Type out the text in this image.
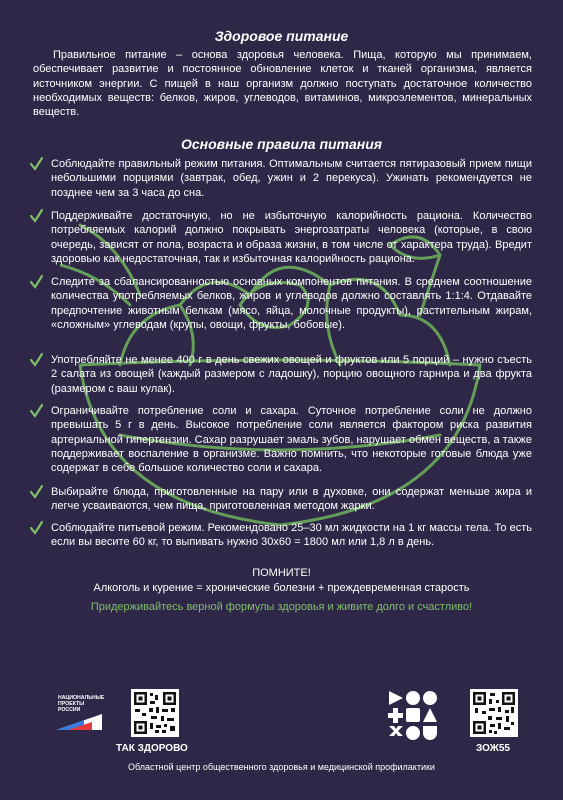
Здоровое питание

Правильное питание – основа здоровья человека. Пища, которую мы принимаем, обеспечивает развитие и постоянное обновление клеток и тканей организма, является источником энергии. С пищей в наш организм должно поступать достаточное количество необходимых веществ: белков, жиров, углеводов, витаминов, микроэлементов, минеральных веществ.

Основные правила питания

Соблюдайте правильный режим питания. Оптимальным считается пятиразовый прием пищи небольшими порциями (завтрак, обед, ужин и 2 перекуса). Ужинать рекомендуется не позднее чем за 3 часа до сна.

Поддерживайте достаточную, но не избыточную калорийность рациона. Количество потребляемых калорий должно покрывать энергозатраты человека (которые, в свою очередь, зависят от пола, возраста и образа жизни, в том числе от характера труда). Вредит здоровью как недостаточная, так и избыточная калорийность рациона.

Следите за сбалансированностью основных компонентов питания. В среднем соотношение количества употребляемых белков, жиров и углеводов должно составлять 1:1:4. Отдавайте предпочтение животным белкам (мясо, яйца, молочные продукты), растительным жирам, «сложным» углеводам (крупы, овощи, фрукты, бобовые).

Употребляйте не менее 400 г в день свежих овощей и фруктов или 5 порций – нужно съесть 2 салата из овощей (каждый размером с ладошку), порцию овощного гарнира и два фрукта (размером с ваш кулак).

Ограничивайте потребление соли и сахара. Суточное потребление соли не должно превышать 5 г в день. Высокое потребление соли является фактором риска развития артериальной гипертензии. Сахар разрушает эмаль зубов, нарушает обмен веществ, а также поддерживает воспаление в организме. Важно помнить, что некоторые готовые блюда уже содержат в себе большое количество соли и сахара.

Выбирайте блюда, приготовленные на пару или в духовке, они содержат меньше жира и легче усваиваются, чем пища, приготовленная методом жарки.

Соблюдайте питьевой режим. Рекомендовано 25–30 мл жидкости на 1 кг массы тела. То есть если вы весите 60 кг, то выпивать нужно 30х60 = 1800 мл или 1,8 л в день.

ПОМНИТЕ!

Алкоголь и курение = хронические болезни + преждевременная старость

Придерживайтесь верной формулы здоровья и живите долго и счастливо!

НАЦИОНАЛЬНЫЕ
ПРОЕКТЫ
РОССИИ

ТАК ЗДОРОВО	ЗОЖ55

Областной центр общественного здоровья и медицинской профилактики
